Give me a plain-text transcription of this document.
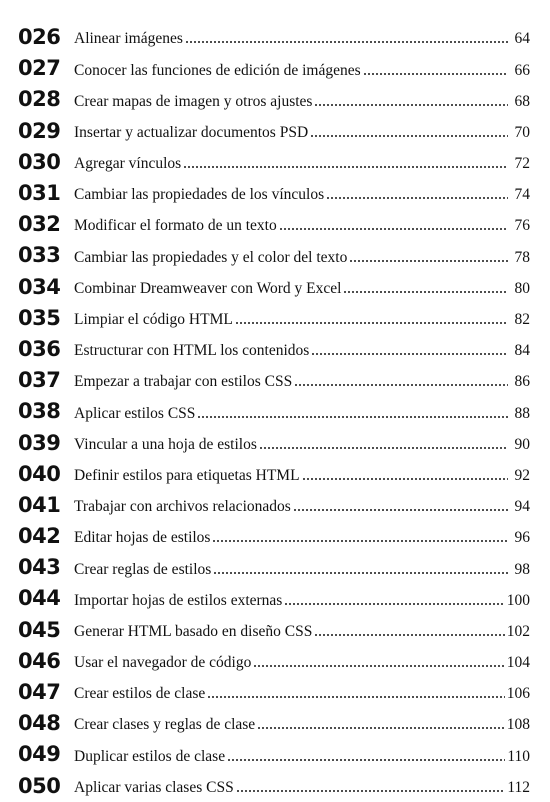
026 Alinear imágenes	64
027 Conocer las funciones de edición de imágenes	66
028 Crear mapas de imagen y otros ajustes	68
029 Insertar y actualizar documentos PSD	70
030 Agregar vínculos	72
031 Cambiar las propiedades de los vínculos	74
032 Modificar el formato de un texto	76
033 Cambiar las propiedades y el color del texto	78
034 Combinar Dreamweaver con Word y Excel	80
035 Limpiar el código HTML	82
036 Estructurar con HTML los contenidos	84
037 Empezar a trabajar con estilos CSS	86
038 Aplicar estilos CSS	88
039 Vincular a una hoja de estilos	90
040 Definir estilos para etiquetas HTML	92
041 Trabajar con archivos relacionados	94
042 Editar hojas de estilos	96
043 Crear reglas de estilos	98
044 Importar hojas de estilos externas	100
045 Generar HTML basado en diseño CSS	102
046 Usar el navegador de código	104
047 Crear estilos de clase	106
048 Crear clases y reglas de clase	108
049 Duplicar estilos de clase	110
050 Aplicar varias clases CSS	112
